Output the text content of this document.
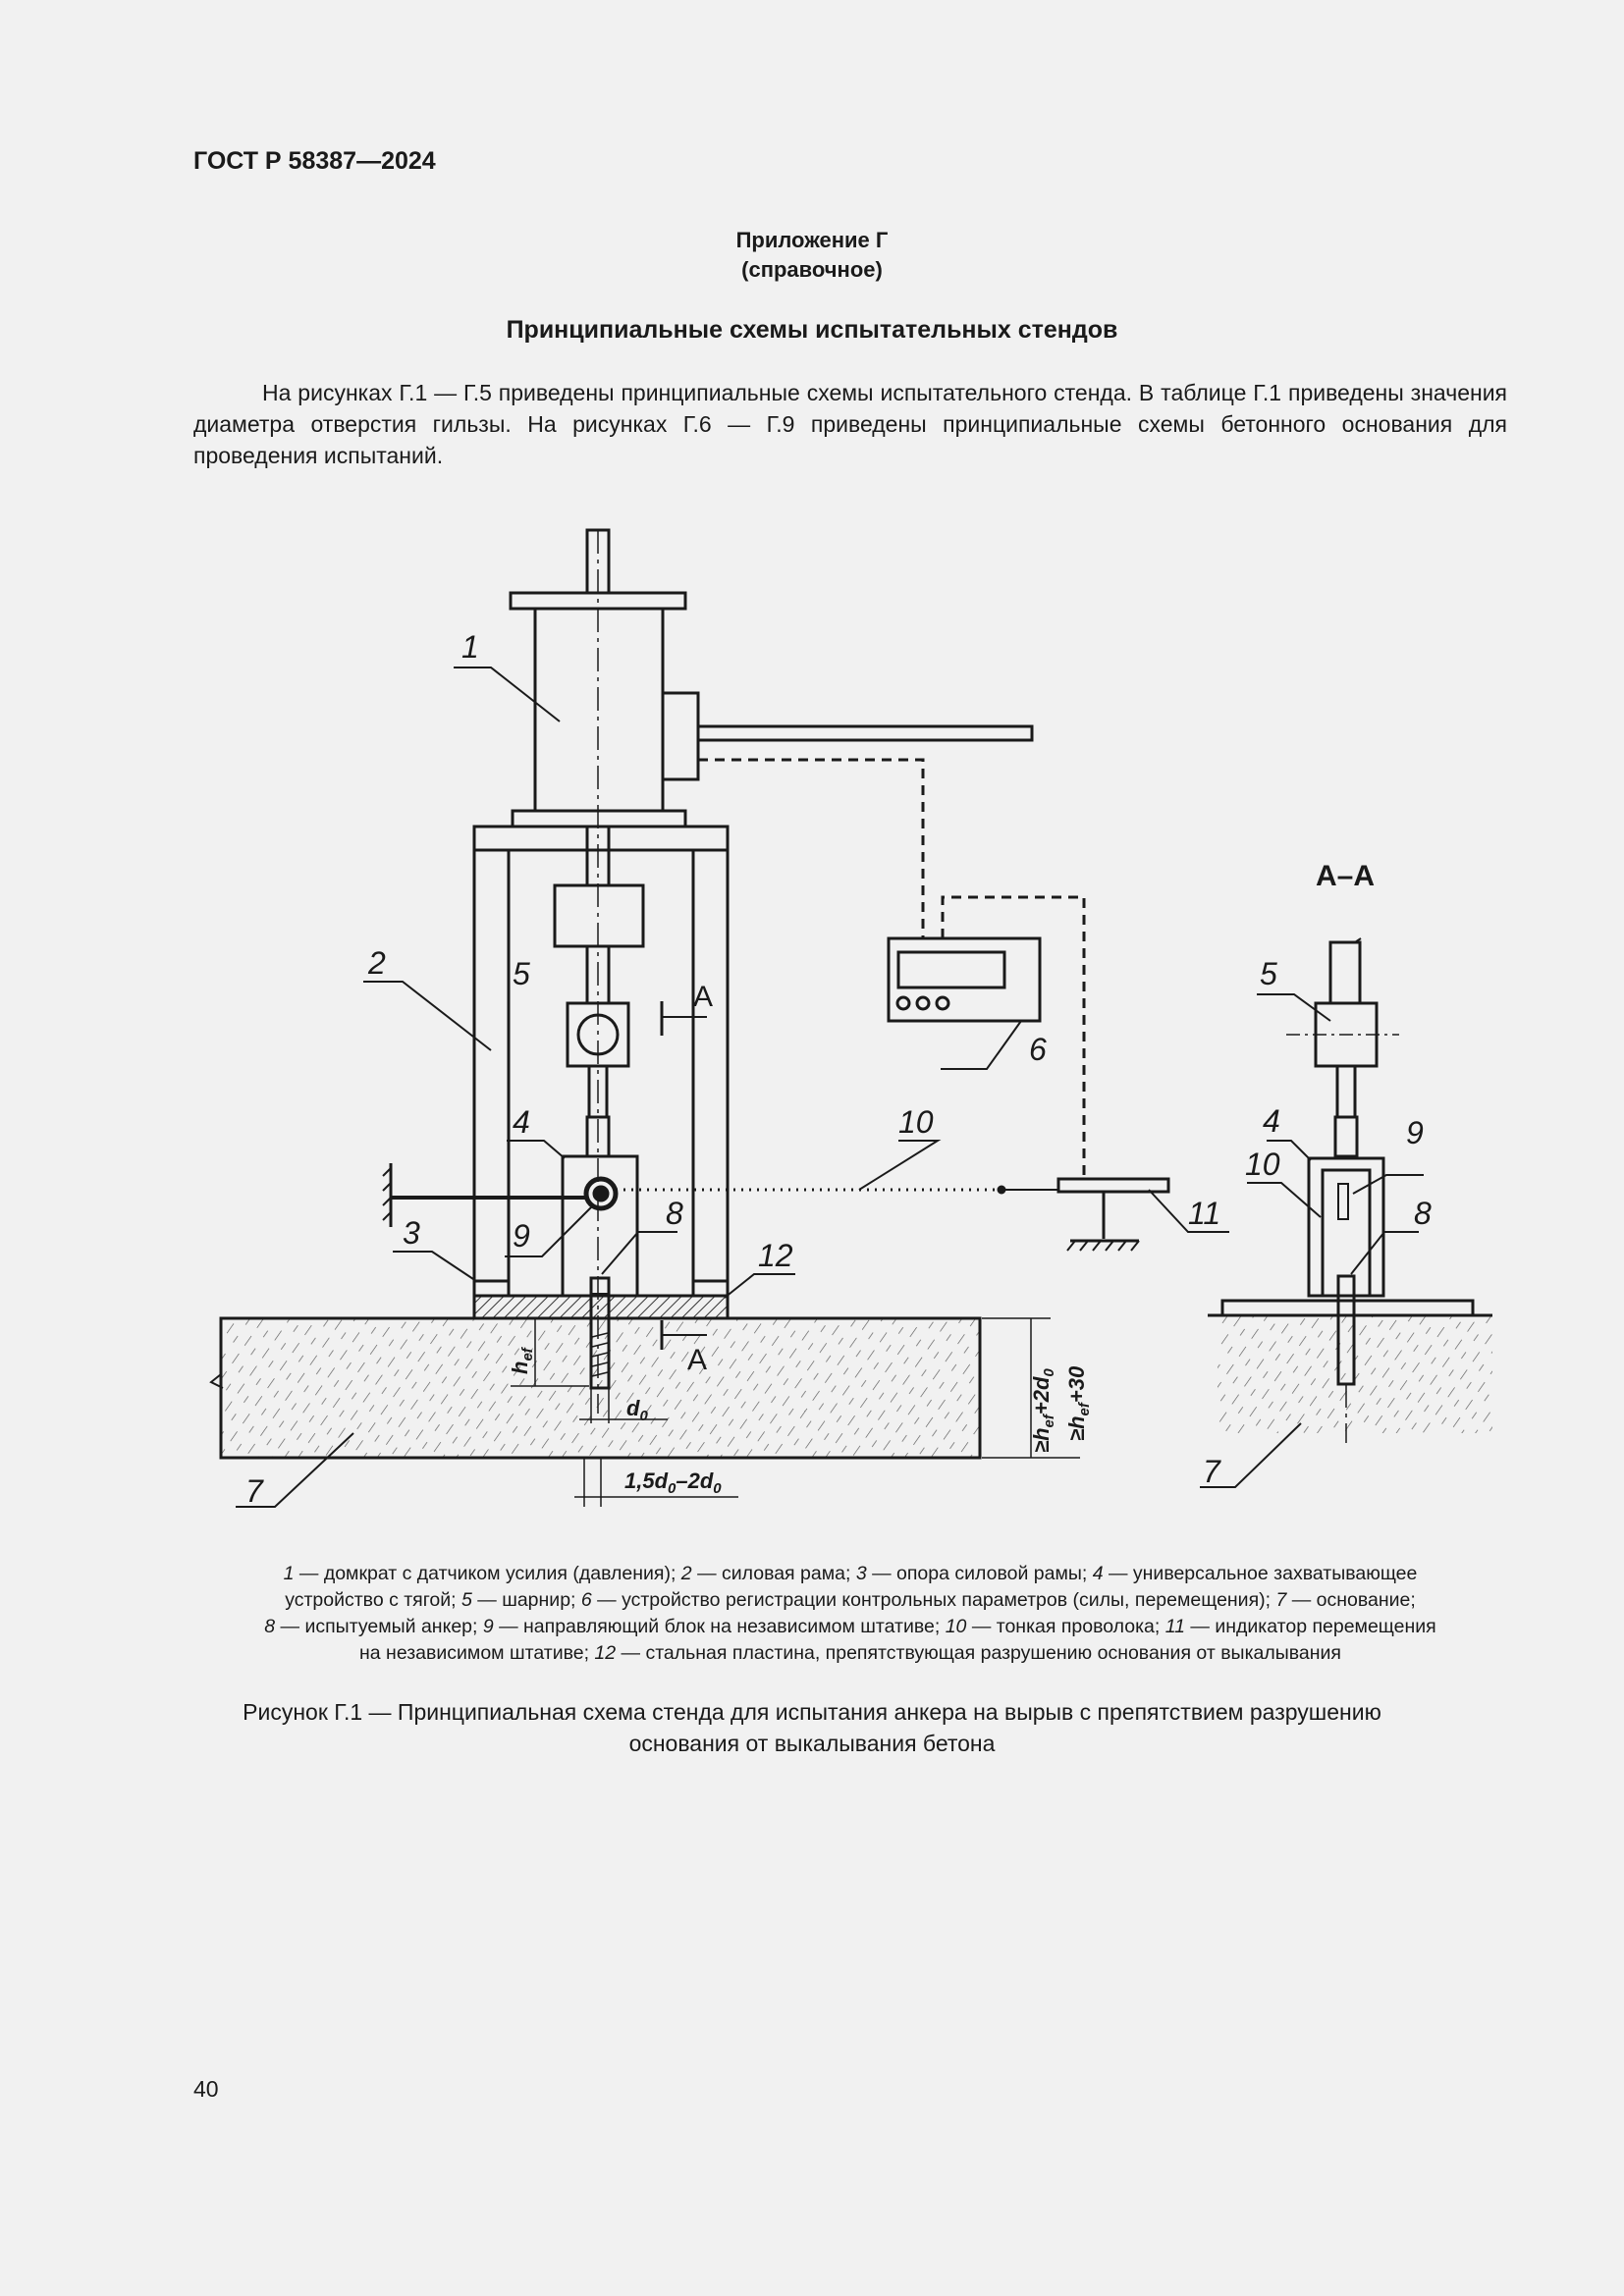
ГОСТ Р 58387—2024
Приложение Г
(справочное)
Принципиальные схемы испытательных стендов
На рисунках Г.1 — Г.5 приведены принципиальные схемы испытательного стенда. В таблице Г.1 приведены значения диаметра отверстия гильзы. На рисунках Г.6 — Г.9 приведены принципиальные схемы бетонного основания для проведения испытаний.
1
2
3
4
5
6
7
8
9
10
11
12
A
A
A–A
5
4	9
10
8
7
$h_{ef}$
$d_0$
$1,5d_0-2d_0$
$\ge h_{ef}+2d_0$
$\ge h_{ef}+30$
1 — домкрат с датчиком усилия (давления); 2 — силовая рама; 3 — опора силовой рамы; 4 — универсальное захватывающее
устройство с тягой; 5 — шарнир; 6 — устройство регистрации контрольных параметров (силы, перемещения); 7 — основание;
8 — испытуемый анкер; 9 — направляющий блок на независимом штативе; 10 — тонкая проволока; 11 — индикатор перемещения
на независимом штативе; 12 — стальная пластина, препятствующая разрушению основания от выкалывания
Рисунок Г.1 — Принципиальная схема стенда для испытания анкера на вырыв с препятствием разрушению
основания от выкалывания бетона
40
